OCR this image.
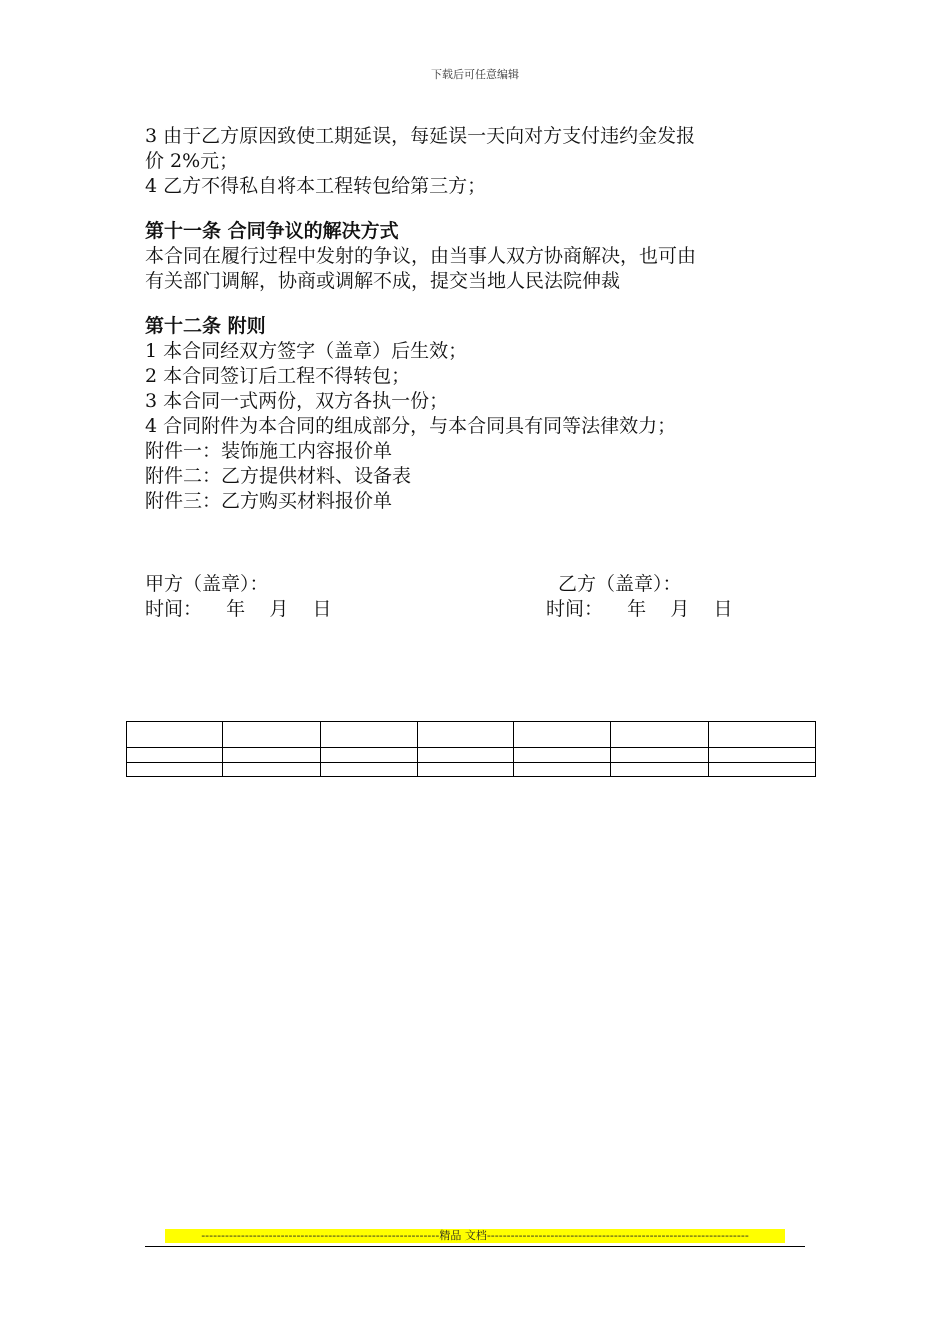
下载后可任意编辑

3 由于乙方原因致使工期延误，每延误一天向对方支付违约金发报

价 2%元；

4 乙方不得私自将本工程转包给第三方；

第十一条 合同争议的解决方式

本合同在履行过程中发射的争议，由当事人双方协商解决，也可由

有关部门调解，协商或调解不成，提交当地人民法院伸裁

第十二条 附则

1 本合同经双方签字（盖章）后生效；

2 本合同签订后工程不得转包；

3 本合同一式两份，双方各执一份；

4 合同附件为本合同的组成部分，与本合同具有同等法律效力；

附件一：装饰施工内容报价单

附件二：乙方提供材料、设备表

附件三：乙方购买材料报价单

甲方（盖章）：	乙方（盖章）：
时间：    年    月    日	时间：    年    月    日

------------------------------------------------------------精品 文档------------------------------------------------------------------
